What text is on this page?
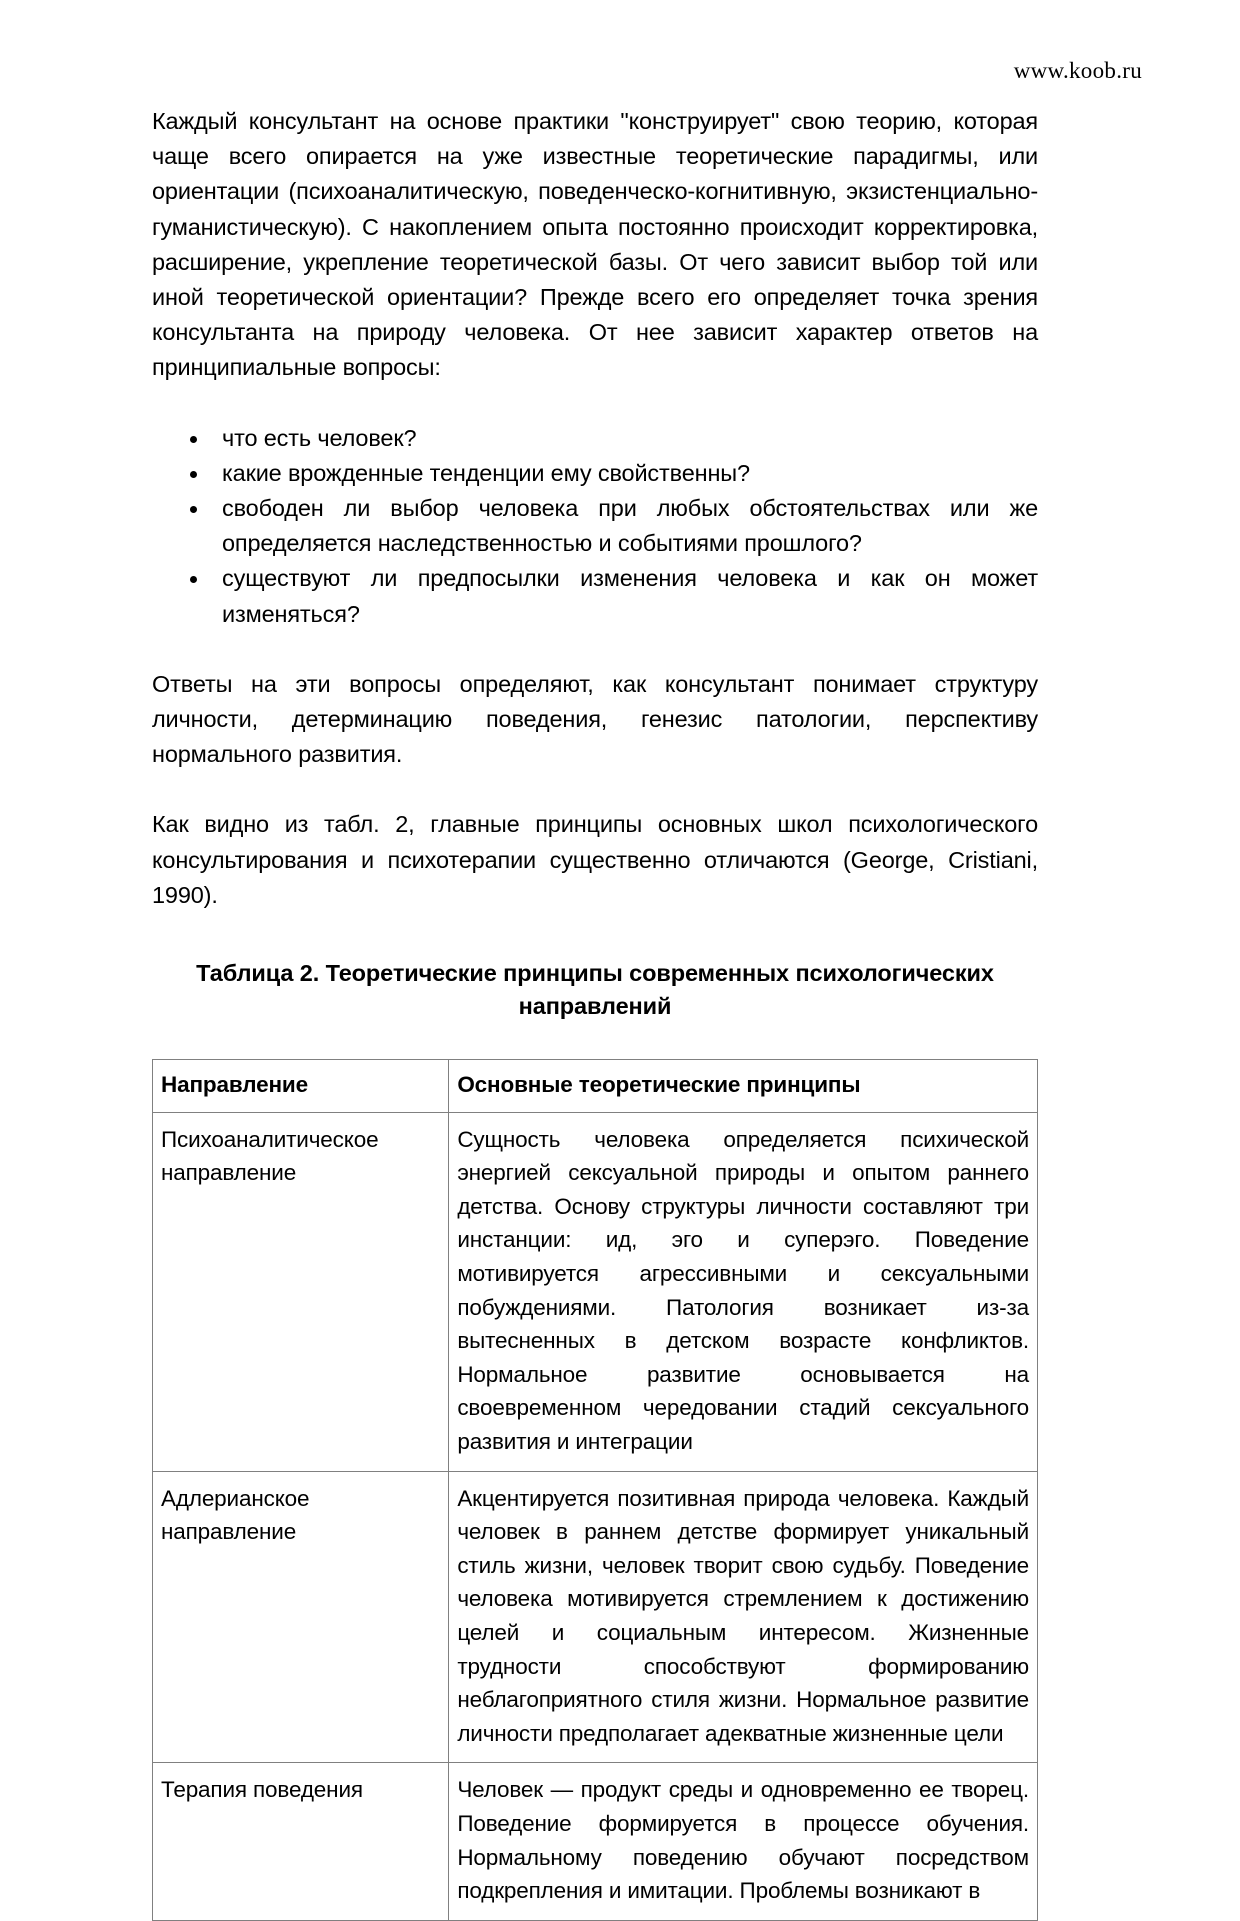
www.koob.ru

Каждый консультант на основе практики "конструирует" свою теорию, которая чаще всего опирается на уже известные теоретические парадигмы, или ориентации (психоаналитическую, поведенческо-когнитивную, экзистенциально-гуманистическую). С накоплением опыта постоянно происходит корректировка, расширение, укрепление теоретической базы. От чего зависит выбор той или иной теоретической ориентации? Прежде всего его определяет точка зрения консультанта на природу человека. От нее зависит характер ответов на принципиальные вопросы:

что есть человек?
какие врожденные тенденции ему свойственны?
свободен ли выбор человека при любых обстоятельствах или же определяется наследственностью и событиями прошлого?
существуют ли предпосылки изменения человека и как он может изменяться?

Ответы на эти вопросы определяют, как консультант понимает структуру личности, детерминацию поведения, генезис патологии, перспективу нормального развития.

Как видно из табл. 2, главные принципы основных школ психологического консультирования и психотерапии существенно отличаются (George, Cristiani, 1990).

Таблица 2. Теоретические принципы современных психологических направлений
Направление	Основные теоретические принципы
Психоаналитическое направление	Сущность человека определяется психической энергией сексуальной природы и опытом раннего детства. Основу структуры личности составляют три инстанции: ид, эго и суперэго. Поведение мотивируется агрессивными и сексуальными побуждениями. Патология возникает из-за вытесненных в детском возрасте конфликтов. Нормальное развитие основывается на своевременном чередовании стадий сексуального развития и интеграции
Адлерианское направление	Акцентируется позитивная природа человека. Каждый человек в раннем детстве формирует уникальный стиль жизни, человек творит свою судьбу. Поведение человека мотивируется стремлением к достижению целей и социальным интересом. Жизненные трудности способствуют формированию неблагоприятного стиля жизни. Нормальное развитие личности предполагает адекватные жизненные цели
Терапия поведения	Человек — продукт среды и одновременно ее творец. Поведение формируется в процессе обучения. Нормальному поведению обучают посредством подкрепления и имитации. Проблемы возникают в
